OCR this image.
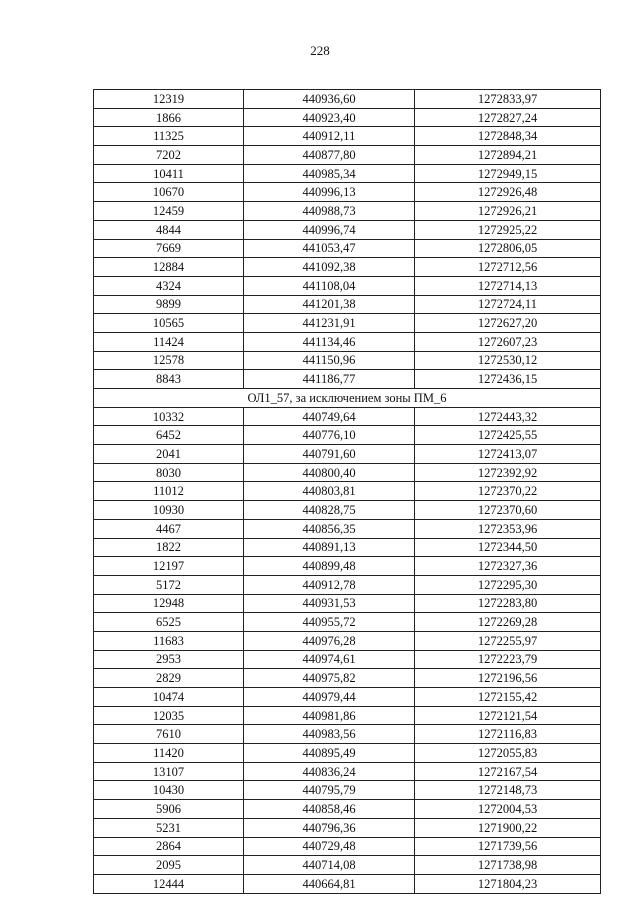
228
12319	440936,60	1272833,97
1866	440923,40	1272827,24
11325	440912,11	1272848,34
7202	440877,80	1272894,21
10411	440985,34	1272949,15
10670	440996,13	1272926,48
12459	440988,73	1272926,21
4844	440996,74	1272925,22
7669	441053,47	1272806,05
12884	441092,38	1272712,56
4324	441108,04	1272714,13
9899	441201,38	1272724,11
10565	441231,91	1272627,20
11424	441134,46	1272607,23
12578	441150,96	1272530,12
8843	441186,77	1272436,15
ОЛ1_57, за исключением зоны ПМ_6		
10332	440749,64	1272443,32
6452	440776,10	1272425,55
2041	440791,60	1272413,07
8030	440800,40	1272392,92
11012	440803,81	1272370,22
10930	440828,75	1272370,60
4467	440856,35	1272353,96
1822	440891,13	1272344,50
12197	440899,48	1272327,36
5172	440912,78	1272295,30
12948	440931,53	1272283,80
6525	440955,72	1272269,28
11683	440976,28	1272255,97
2953	440974,61	1272223,79
2829	440975,82	1272196,56
10474	440979,44	1272155,42
12035	440981,86	1272121,54
7610	440983,56	1272116,83
11420	440895,49	1272055,83
13107	440836,24	1272167,54
10430	440795,79	1272148,73
5906	440858,46	1272004,53
5231	440796,36	1271900,22
2864	440729,48	1271739,56
2095	440714,08	1271738,98
12444	440664,81	1271804,23
